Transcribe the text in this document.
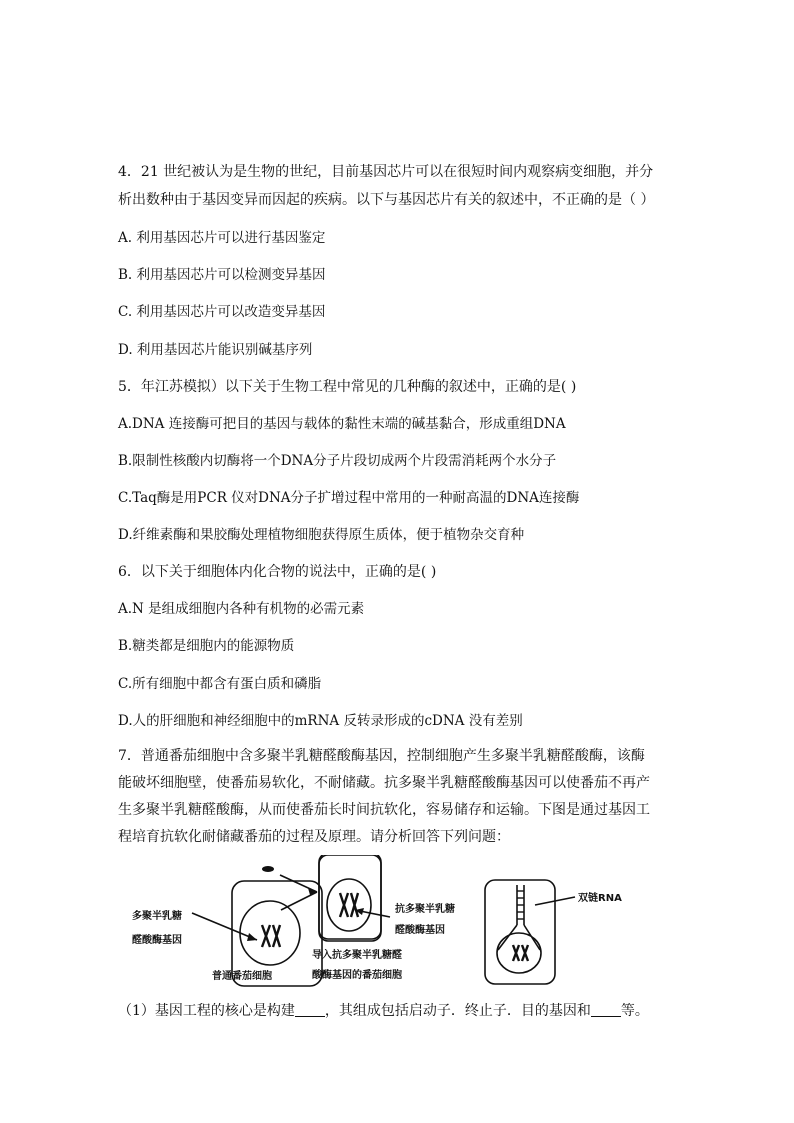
4．21 世纪被认为是生物的世纪，目前基因芯片可以在很短时间内观察病变细胞，并分
析出数种由于基因变异而因起的疾病。以下与基因芯片有关的叙述中，不正确的是（ ）
A. 利用基因芯片可以进行基因鉴定
B. 利用基因芯片可以检测变异基因
C. 利用基因芯片可以改造变异基因
D. 利用基因芯片能识别碱基序列
5．年江苏模拟）以下关于生物工程中常见的几种酶的叙述中，正确的是( )
A.DNA 连接酶可把目的基因与载体的黏性末端的碱基黏合，形成重组DNA
B.限制性核酸内切酶将一个DNA分子片段切成两个片段需消耗两个水分子
C.Taq酶是用PCR 仪对DNA分子扩增过程中常用的一种耐高温的DNA连接酶
D.纤维素酶和果胶酶处理植物细胞获得原生质体，便于植物杂交育种
6．以下关于细胞体内化合物的说法中，正确的是( )
A.N 是组成细胞内各种有机物的必需元素
B.糖类都是细胞内的能源物质
C.所有细胞中都含有蛋白质和磷脂
D.人的肝细胞和神经细胞中的mRNA 反转录形成的cDNA 没有差别
7．普通番茄细胞中含多聚半乳糖醛酸酶基因，控制细胞产生多聚半乳糖醛酸酶，该酶
能破坏细胞壁，使番茄易软化，不耐储藏。抗多聚半乳糖醛酸酶基因可以使番茄不再产
生多聚半乳糖醛酸酶，从而使番茄长时间抗软化，容易储存和运输。下图是通过基因工
程培育抗软化耐储藏番茄的过程及原理。请分析回答下列问题：
多聚半乳糖
醛酸酶基因
普通番茄细胞
抗多聚半乳糖
醛酸酶基因
导入抗多聚半乳糖醛
酸酶基因的番茄细胞
双链RNA
（1）基因工程的核心是构建 ，其组成包括启动子．终止子．目的基因和 等。
